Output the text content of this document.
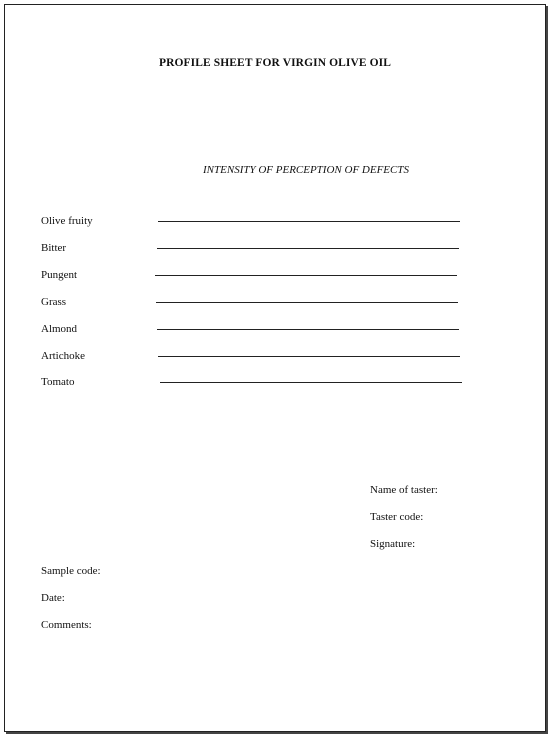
PROFILE SHEET FOR VIRGIN OLIVE OIL
INTENSITY OF PERCEPTION OF DEFECTS
Olive fruity
Bitter
Pungent
Grass
Almond
Artichoke
Tomato
Name of taster:
Taster code:
Signature:
Sample code:
Date:
Comments:
